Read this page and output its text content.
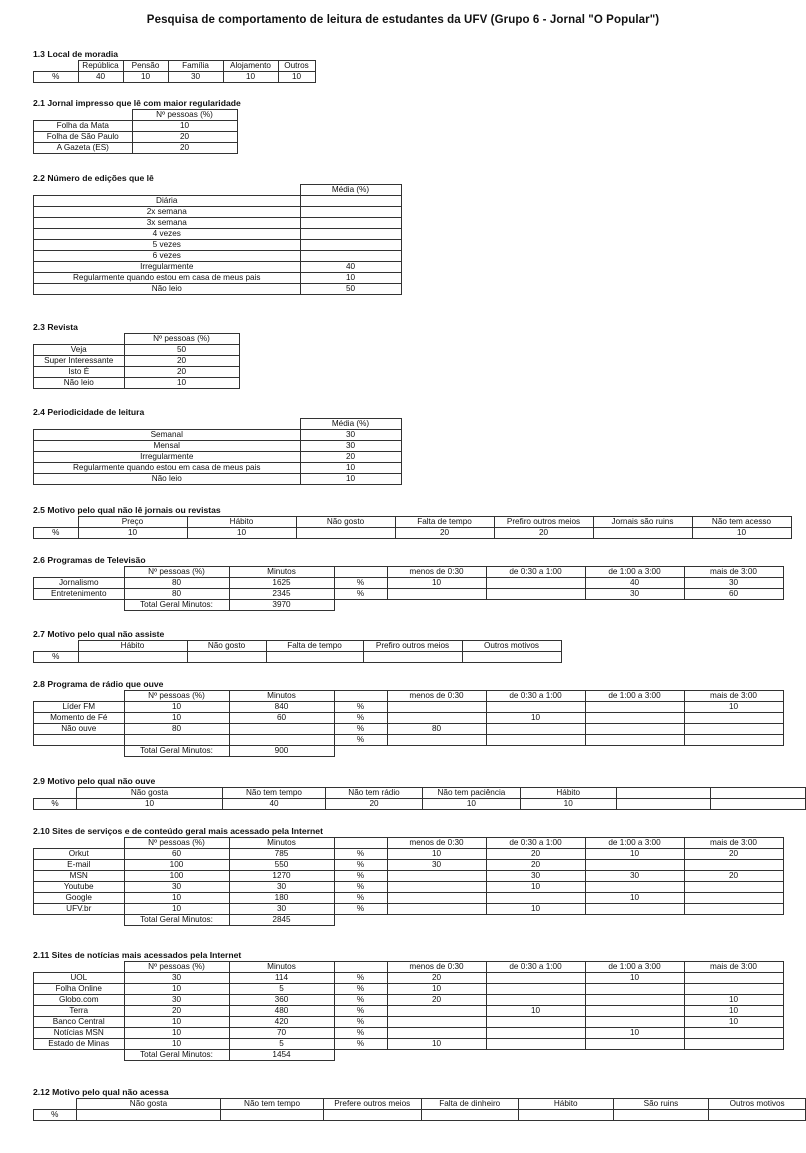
Pesquisa de comportamento de leitura de estudantes da UFV (Grupo 6 - Jornal "O Popular")
1.3 Local de moradia
	República	Pensão	Família	Alojamento	Outros
%	40	10	30	10	10
2.1 Jornal impresso que lê com maior regularidade
	Nº pessoas (%)
Folha da Mata	10
Folha de São Paulo	20
A Gazeta (ES)	20
2.2 Número de edições que lê
	Média (%)
Diária	
2x semana	
3x semana	
4 vezes	
5 vezes	
6 vezes	
Irregularmente	40
Regularmente quando estou em casa de meus pais	10
Não leio	50
2.3 Revista
	Nº pessoas (%)
Veja	50
Super Interessante	20
Isto É	20
Não leio	10
2.4 Periodicidade de leitura
	Média (%)
Semanal	30
Mensal	30
Irregularmente	20
Regularmente quando estou em casa de meus pais	10
Não leio	10
2.5 Motivo pelo qual não lê jornais ou revistas
	Preço	Hábito	Não gosto	Falta de tempo	Prefiro outros meios	Jornais são ruins	Não tem acesso
%	10	10		20	20		10
2.6 Programas de Televisão
	Nº pessoas (%)	Minutos		menos de 0:30	de 0:30 a 1:00	de 1:00 a 3:00	mais de 3:00
Jornalismo	80	1625	%	10		40	30
Entretenimento	80	2345	%			30	60
	Total Geral Minutos:	3970					
2.7 Motivo pelo qual não assiste
	Hábito	Não gosto	Falta de tempo	Prefiro outros meios	Outros motivos
%					
2.8 Programa de rádio que ouve
	Nº pessoas (%)	Minutos		menos de 0:30	de 0:30 a 1:00	de 1:00 a 3:00	mais de 3:00
Líder FM	10	840	%				10
Momento de Fé	10	60	%		10		
Não ouve	80		%	80			
			%				
	Total Geral Minutos:	900					
2.9 Motivo pelo qual não ouve
	Não gosta	Não tem tempo	Não tem rádio	Não tem paciência	Hábito		
%	10	40	20	10	10		
2.10 Sites de serviços e de conteúdo geral mais acessado pela Internet
	Nº pessoas (%)	Minutos		menos de 0:30	de 0:30 a 1:00	de 1:00 a 3:00	mais de 3:00
Orkut	60	785	%	10	20	10	20
E-mail	100	550	%	30	20		
MSN	100	1270	%		30	30	20
Youtube	30	30	%		10		
Google	10	180	%			10	
UFV.br	10	30	%		10		
	Total Geral Minutos:	2845					
2.11 Sites de notícias mais acessados pela Internet
	Nº pessoas (%)	Minutos		menos de 0:30	de 0:30 a 1:00	de 1:00 a 3:00	mais de 3:00
UOL	30	114	%	20		10	
Folha Online	10	5	%	10			
Globo.com	30	360	%	20			10
Terra	20	480	%		10		10
Banco Central	10	420	%				10
Notícias MSN	10	70	%			10	
Estado de Minas	10	5	%	10			
	Total Geral Minutos:	1454					
2.12 Motivo pelo qual não acessa
	Não gosta	Não tem tempo	Prefere outros meios	Falta de dinheiro	Hábito	São ruins	Outros motivos
%							
